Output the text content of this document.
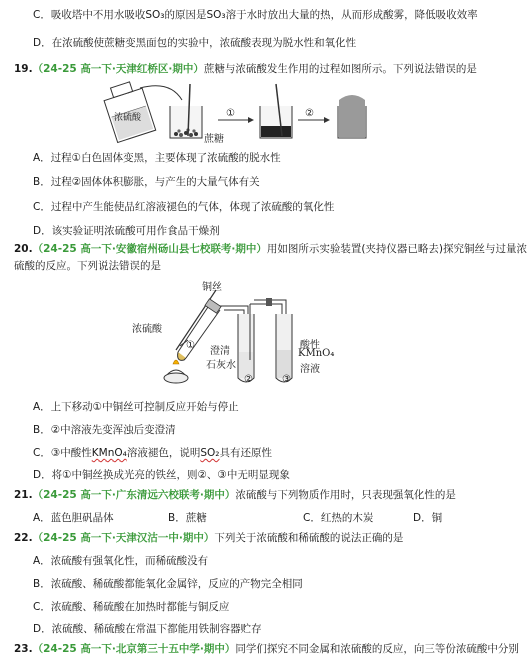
C．吸收塔中不用水吸收SO₃的原因是SO₃溶于水时放出大量的热，从而形成酸雾，降低吸收效率
D．在浓硫酸使蔗糖变黑面包的实验中，浓硫酸表现为脱水性和氧化性
19.（24-25 高一下·天津红桥区·期中）蔗糖与浓硫酸发生作用的过程如图所示。下列说法错误的是
浓硫酸
蔗糖
①	②
A．过程①白色固体变黑，主要体现了浓硫酸的脱水性
B．过程②固体体积膨胀，与产生的大量气体有关
C．过程中产生能使品红溶液褪色的气体，体现了浓硫酸的氧化性
D．该实验证明浓硫酸可用作食品干燥剂
20.（24-25 高一下·安徽宿州砀山县七校联考·期中）用如图所示实验装置(夹持仪器已略去)探究铜丝与过量浓
硫酸的反应。下列说法错误的是
铜丝
浓硫酸
①
澄清
石灰水
②
酸性
KMnO₄
溶液
③
A．上下移动①中铜丝可控制反应开始与停止
B．②中溶液先变浑浊后变澄清
C．③中酸性KMnO₄溶液褪色，说明SO₂具有还原性
D．将①中铜丝换成光亮的铁丝，则②、③中无明显现象
21.（24-25 高一下·广东清远六校联考·期中）浓硫酸与下列物质作用时，只表现强氧化性的是
A．蓝色胆矾晶体	B．蔗糖	C．红热的木炭	D．铜
22.（24-25 高一下·天津汉沽一中·期中）下列关于浓硫酸和稀硫酸的说法正确的是
A．浓硫酸有强氧化性，而稀硫酸没有
B．浓硫酸、稀硫酸都能氧化金属锌，反应的产物完全相同
C．浓硫酸、稀硫酸在加热时都能与铜反应
D．浓硫酸、稀硫酸在常温下都能用铁制容器贮存
23.（24-25 高一下·北京第三十五中学·期中）同学们探究不同金属和浓硫酸的反应，向三等份浓硫酸中分别
